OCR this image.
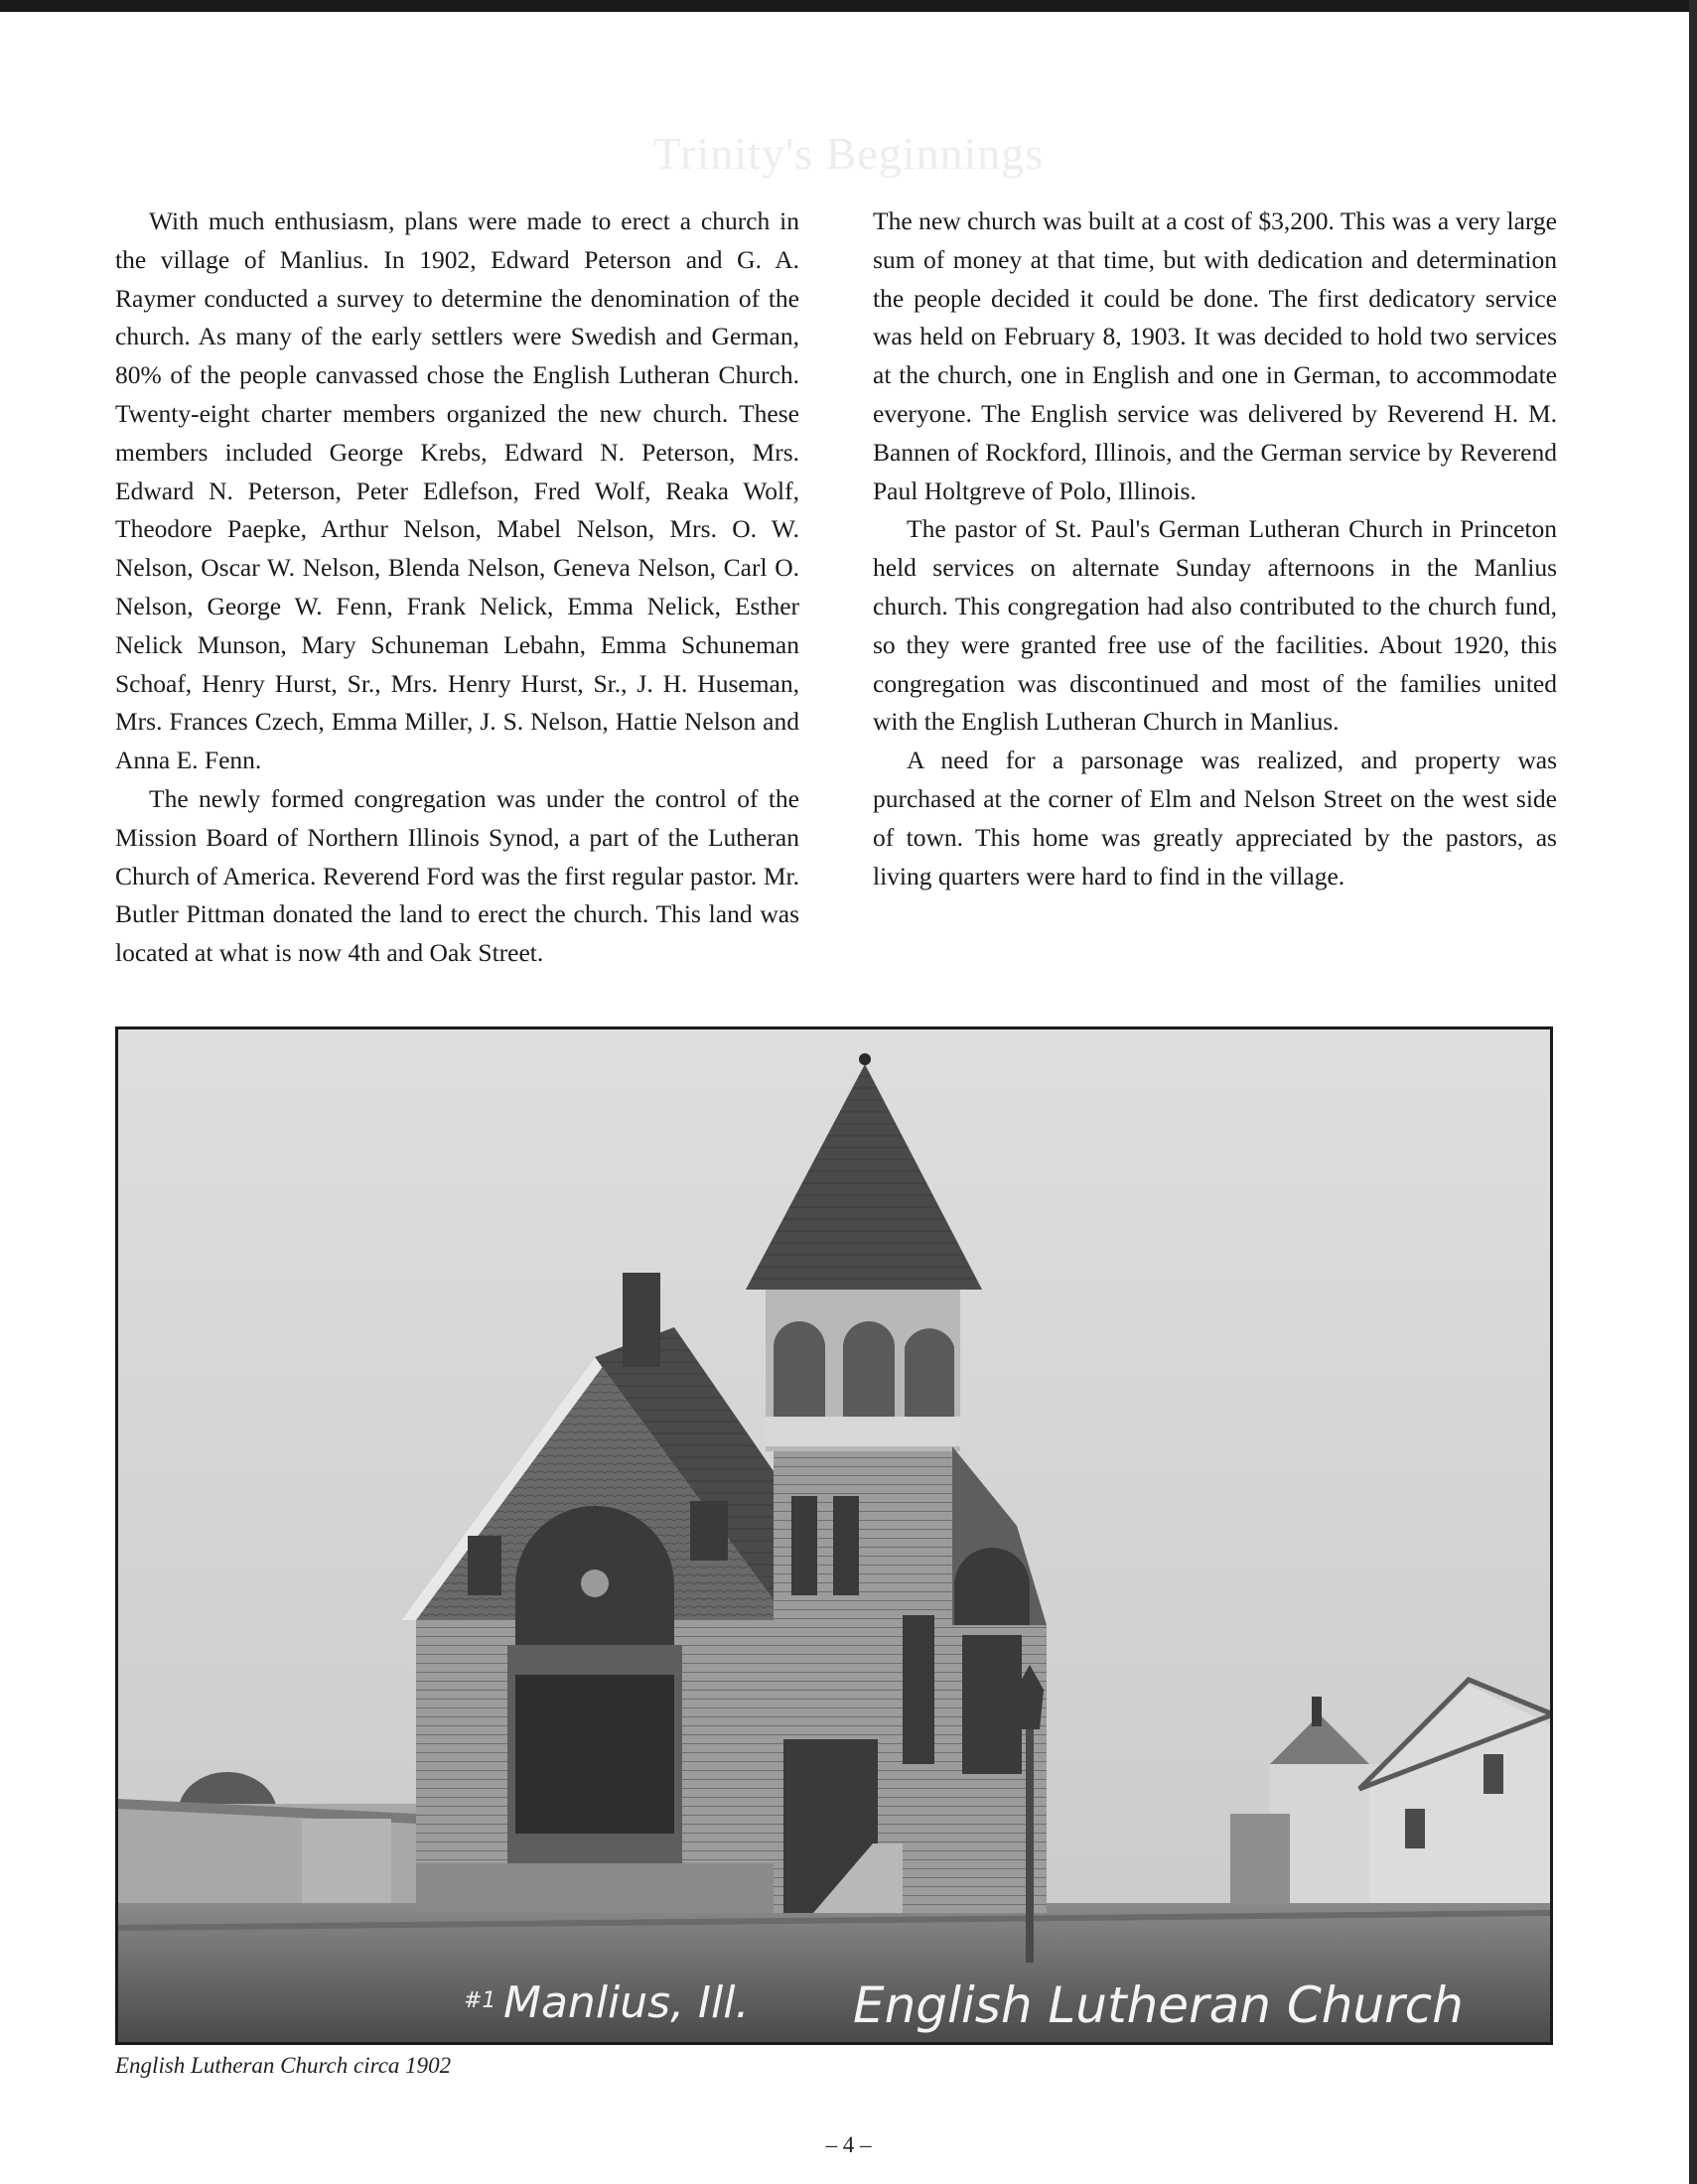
Trinity's Beginnings

With much enthusiasm, plans were made to erect a church in the village of Manlius. In 1902, Edward Peterson and G. A. Raymer conducted a survey to determine the denomination of the church. As many of the early settlers were Swedish and German, 80% of the people canvassed chose the English Lutheran Church. Twenty-eight charter members organized the new church. These members included George Krebs, Edward N. Peterson, Mrs. Edward N. Peterson, Peter Edlefson, Fred Wolf, Reaka Wolf, Theodore Paepke, Arthur Nelson, Mabel Nelson, Mrs. O. W. Nelson, Oscar W. Nelson, Blenda Nelson, Geneva Nelson, Carl O. Nelson, George W. Fenn, Frank Nelick, Emma Nelick, Esther Nelick Munson, Mary Schuneman Lebahn, Emma Schuneman Schoaf, Henry Hurst, Sr., Mrs. Henry Hurst, Sr., J. H. Huseman, Mrs. Frances Czech, Emma Miller, J. S. Nelson, Hattie Nelson and Anna E. Fenn.

The newly formed congregation was under the control of the Mission Board of Northern Illinois Synod, a part of the Lutheran Church of America. Reverend Ford was the first regular pastor. Mr. Butler Pittman donated the land to erect the church. This land was located at what is now 4th and Oak Street.

The new church was built at a cost of $3,200. This was a very large sum of money at that time, but with dedication and determination the people decided it could be done. The first dedicatory service was held on February 8, 1903. It was decided to hold two services at the church, one in English and one in German, to accommodate everyone. The English service was delivered by Reverend H. M. Bannen of Rockford, Illinois, and the German service by Reverend Paul Holtgreve of Polo, Illinois.

The pastor of St. Paul's German Lutheran Church in Princeton held services on alternate Sunday afternoons in the Manlius church. This congregation had also contributed to the church fund, so they were granted free use of the facilities. About 1920, this congregation was discontinued and most of the families united with the English Lutheran Church in Manlius.

A need for a parsonage was realized, and property was purchased at the corner of Elm and Nelson Street on the west side of town. This home was greatly appreciated by the pastors, as living quarters were hard to find in the village.

#1 Manlius, Ill. English Lutheran Church
English Lutheran Church circa 1902
– 4 –
